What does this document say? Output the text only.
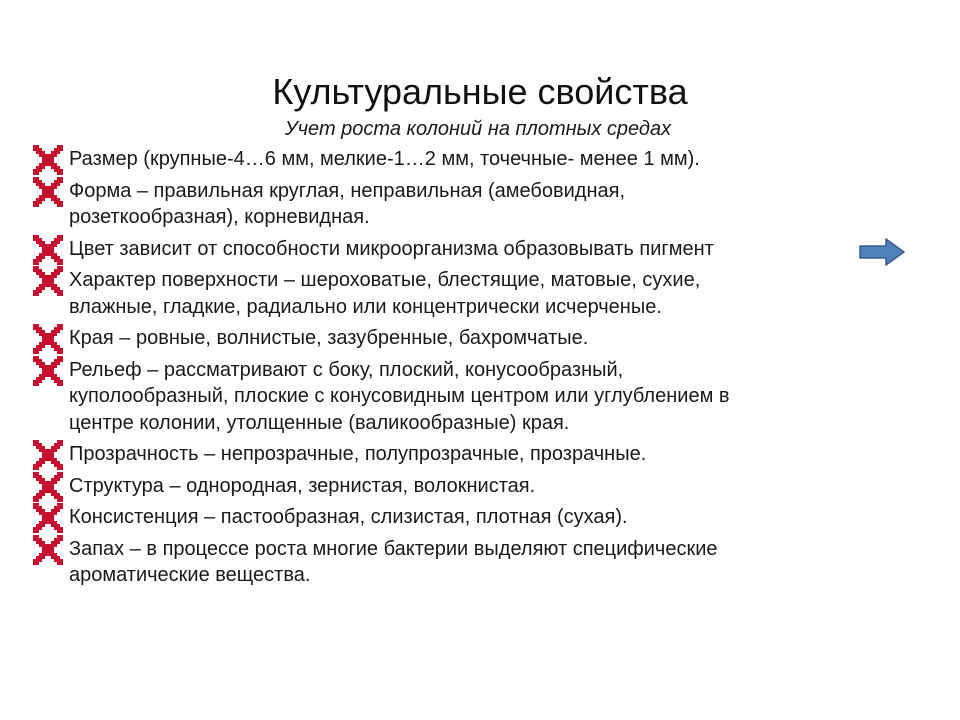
Культуральные свойства
Учет роста колоний на плотных средах
Размер (крупные-4…6 мм, мелкие-1…2 мм, точечные- менее 1 мм).
Форма – правильная круглая, неправильная (амебовидная,
розеткообразная), корневидная.
Цвет зависит от способности микроорганизма образовывать пигмент
Характер поверхности – шероховатые, блестящие, матовые, сухие,
влажные, гладкие, радиально или концентрически исчерченые.
Края – ровные, волнистые, зазубренные, бахромчатые.
Рельеф – рассматривают с боку, плоский, конусообразный,
куполообразный, плоские с конусовидным центром или углублением в
центре колонии, утолщенные (валикообразные) края.
Прозрачность – непрозрачные, полупрозрачные, прозрачные.
Структура – однородная, зернистая, волокнистая.
Консистенция – пастообразная, слизистая, плотная (сухая).
Запах – в процессе роста многие бактерии выделяют специфические
ароматические вещества.
